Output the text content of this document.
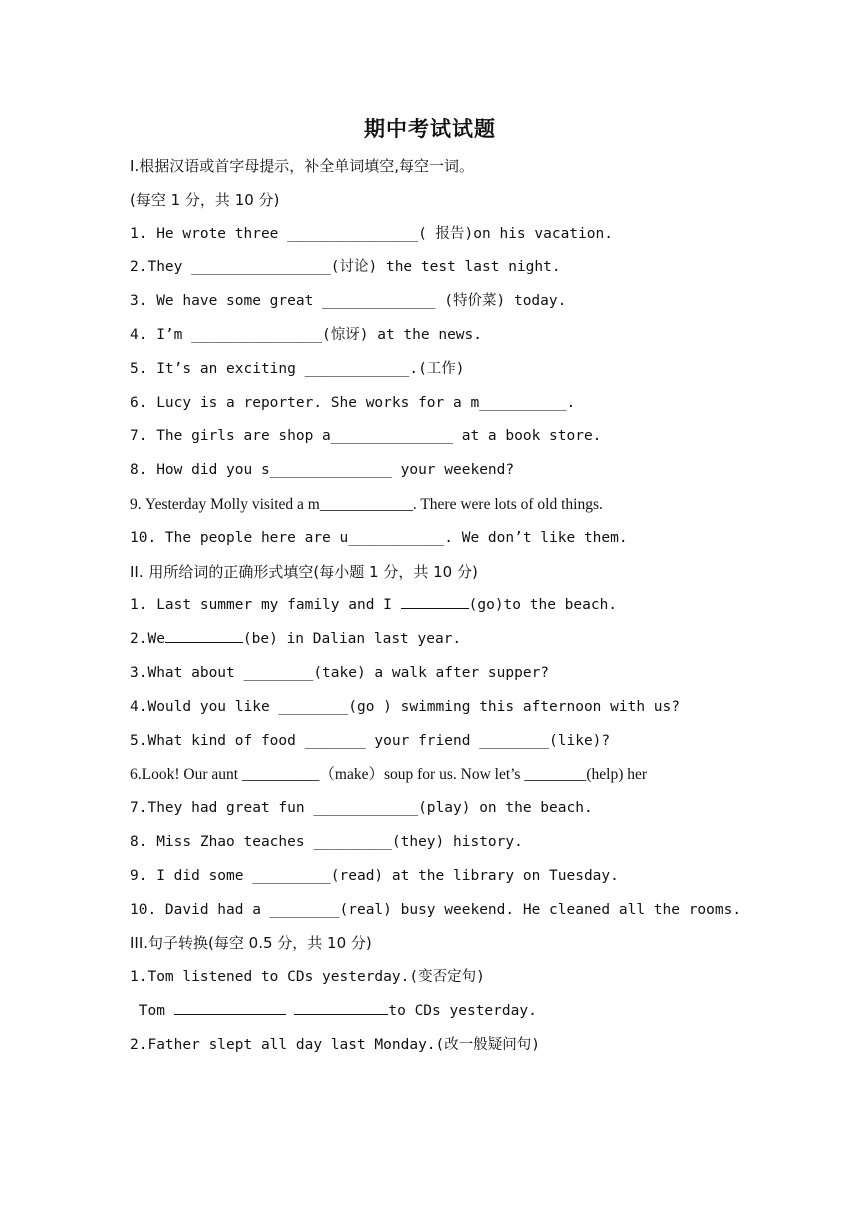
期中考试试题
I.根据汉语或首字母提示，补全单词填空,每空一词。
(每空 1 分，共 10 分)
1. He wrote three _______________( 报告)on his vacation.
2.They ________________(讨论) the test last night.
3. We have some great _____________ (特价菜) today.
4. I’m _______________(惊讶) at the news.
5. It’s an exciting ____________.(工作)
6. Lucy is a reporter. She works for a m__________.
7. The girls are shop a______________ at a book store.
8. How did you s______________ your weekend?
9. Yesterday Molly visited a m____________. There were lots of old things.
10. The people here are u___________. We don’t like them.
II. 用所给词的正确形式填空(每小题 1 分，共 10 分)
1. Last summer my family and I	(go)to the beach.
2.We	(be) in Dalian last year.
3.What about ________(take) a walk after supper?
4.Would you like ________(go ) swimming this afternoon with us?
5.What kind of food _______ your friend ________(like)?
6.Look! Our aunt __________（make）soup for us. Now let’s ________(help) her
7.They had great fun ____________(play) on the beach.
8. Miss Zhao teaches _________(they) history.
9. I did some _________(read) at the library on Tuesday.
10. David had a ________(real) busy weekend. He cleaned all the rooms.
III.句子转换(每空 0.5 分，共 10 分)
1.Tom listened to CDs yesterday.(变否定句)
Tom	to CDs yesterday.
2.Father slept all day last Monday.(改一般疑问句)
